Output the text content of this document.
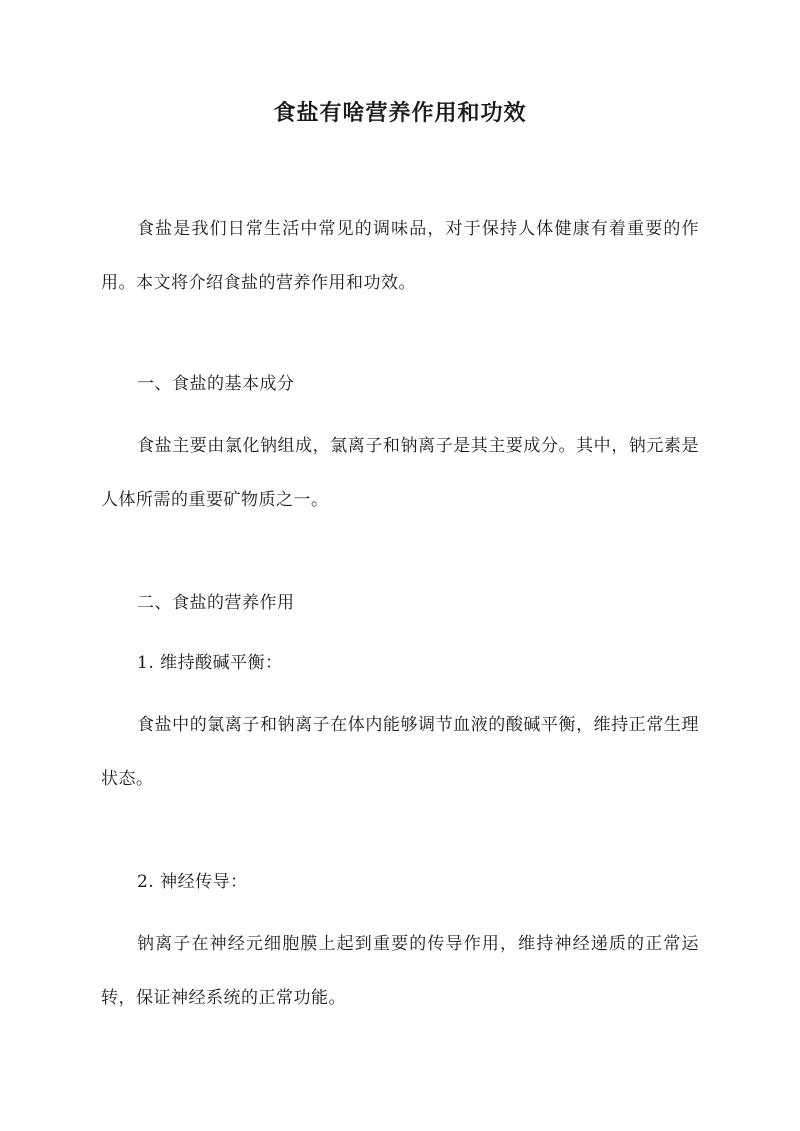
食盐有啥营养作用和功效

食盐是我们日常生活中常见的调味品，对于保持人体健康有着重要的作用。本文将介绍食盐的营养作用和功效。

一、食盐的基本成分

食盐主要由氯化钠组成，氯离子和钠离子是其主要成分。其中，钠元素是人体所需的重要矿物质之一。

二、食盐的营养作用

1. 维持酸碱平衡：

食盐中的氯离子和钠离子在体内能够调节血液的酸碱平衡，维持正常生理状态。

2. 神经传导：

钠离子在神经元细胞膜上起到重要的传导作用，维持神经递质的正常运转，保证神经系统的正常功能。
